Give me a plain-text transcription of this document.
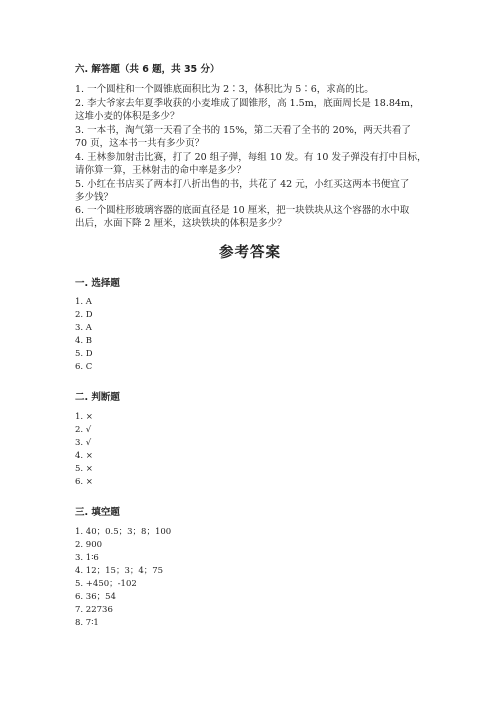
六. 解答题（共 6 题，共 35 分）
1. 一个圆柱和一个圆锥底面积比为 2∶3，体积比为 5∶6，求高的比。
2. 李大爷家去年夏季收获的小麦堆成了圆锥形，高 1.5m，底面周长是 18.84m，
这堆小麦的体积是多少？
3. 一本书，淘气第一天看了全书的 15%，第二天看了全书的 20%，两天共看了
70 页，这本书一共有多少页？
4. 王林参加射击比赛，打了 20 组子弹，每组 10 发。有 10 发子弹没有打中目标，
请你算一算，王林射击的命中率是多少？
5. 小红在书店买了两本打八折出售的书，共花了 42 元，小红买这两本书便宜了
多少钱？
6. 一个圆柱形玻璃容器的底面直径是 10 厘米，把一块铁块从这个容器的水中取
出后，水面下降 2 厘米，这块铁块的体积是多少？
参考答案
一. 选择题
1. A
2. D
3. A
4. B
5. D
6. C
二. 判断题
1. ×
2. √
3. √
4. ×
5. ×
6. ×
三. 填空题
1. 40；0.5；3；8；100
2. 900
3. 1∶6
4. 12；15；3；4；75
5. +450；-102
6. 36；54
7. 22736
8. 7∶1
